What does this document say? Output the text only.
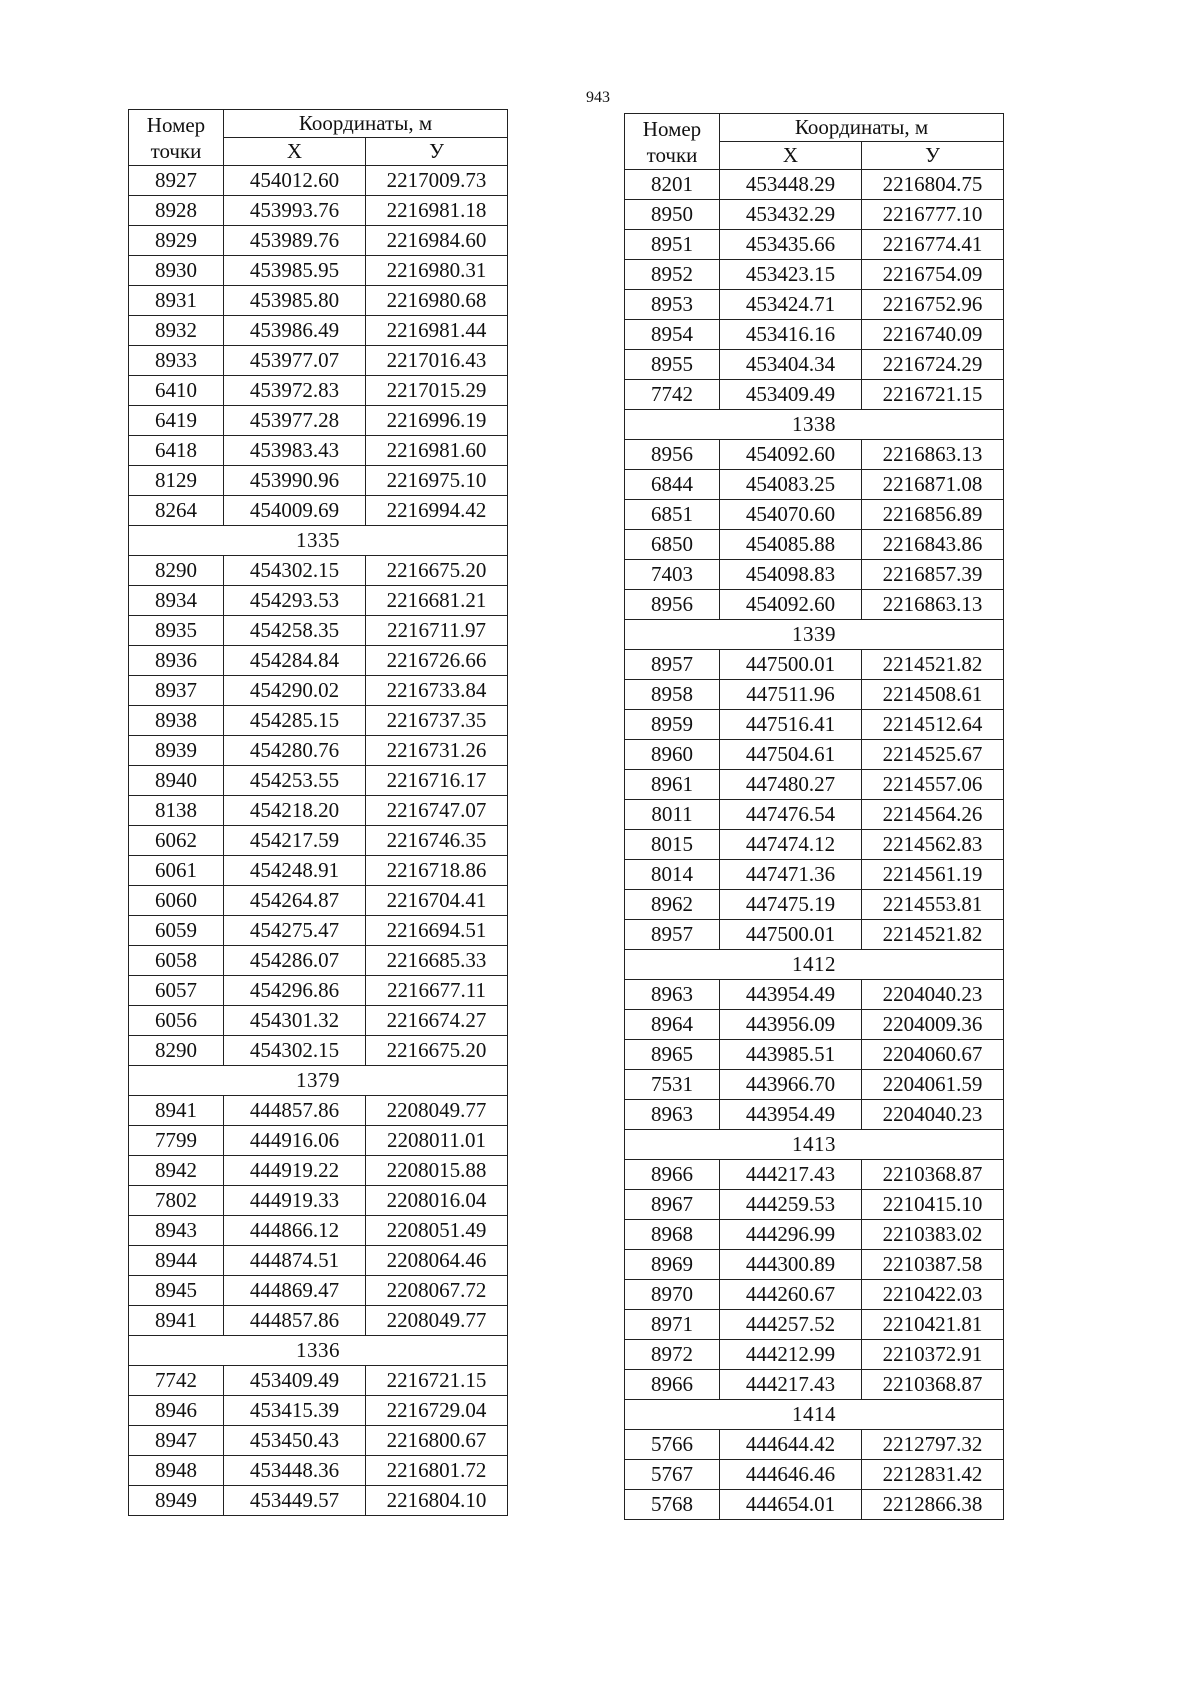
943
Номер точки	Координаты, м	
	X	У
8927	454012.60	2217009.73
8928	453993.76	2216981.18
8929	453989.76	2216984.60
8930	453985.95	2216980.31
8931	453985.80	2216980.68
8932	453986.49	2216981.44
8933	453977.07	2217016.43
6410	453972.83	2217015.29
6419	453977.28	2216996.19
6418	453983.43	2216981.60
8129	453990.96	2216975.10
8264	454009.69	2216994.42
1335		
8290	454302.15	2216675.20
8934	454293.53	2216681.21
8935	454258.35	2216711.97
8936	454284.84	2216726.66
8937	454290.02	2216733.84
8938	454285.15	2216737.35
8939	454280.76	2216731.26
8940	454253.55	2216716.17
8138	454218.20	2216747.07
6062	454217.59	2216746.35
6061	454248.91	2216718.86
6060	454264.87	2216704.41
6059	454275.47	2216694.51
6058	454286.07	2216685.33
6057	454296.86	2216677.11
6056	454301.32	2216674.27
8290	454302.15	2216675.20
1379		
8941	444857.86	2208049.77
7799	444916.06	2208011.01
8942	444919.22	2208015.88
7802	444919.33	2208016.04
8943	444866.12	2208051.49
8944	444874.51	2208064.46
8945	444869.47	2208067.72
8941	444857.86	2208049.77
1336		
7742	453409.49	2216721.15
8946	453415.39	2216729.04
8947	453450.43	2216800.67
8948	453448.36	2216801.72
8949	453449.57	2216804.10
Номер точки	Координаты, м	
	X	У
8201	453448.29	2216804.75
8950	453432.29	2216777.10
8951	453435.66	2216774.41
8952	453423.15	2216754.09
8953	453424.71	2216752.96
8954	453416.16	2216740.09
8955	453404.34	2216724.29
7742	453409.49	2216721.15
1338		
8956	454092.60	2216863.13
6844	454083.25	2216871.08
6851	454070.60	2216856.89
6850	454085.88	2216843.86
7403	454098.83	2216857.39
8956	454092.60	2216863.13
1339		
8957	447500.01	2214521.82
8958	447511.96	2214508.61
8959	447516.41	2214512.64
8960	447504.61	2214525.67
8961	447480.27	2214557.06
8011	447476.54	2214564.26
8015	447474.12	2214562.83
8014	447471.36	2214561.19
8962	447475.19	2214553.81
8957	447500.01	2214521.82
1412		
8963	443954.49	2204040.23
8964	443956.09	2204009.36
8965	443985.51	2204060.67
7531	443966.70	2204061.59
8963	443954.49	2204040.23
1413		
8966	444217.43	2210368.87
8967	444259.53	2210415.10
8968	444296.99	2210383.02
8969	444300.89	2210387.58
8970	444260.67	2210422.03
8971	444257.52	2210421.81
8972	444212.99	2210372.91
8966	444217.43	2210368.87
1414		
5766	444644.42	2212797.32
5767	444646.46	2212831.42
5768	444654.01	2212866.38
